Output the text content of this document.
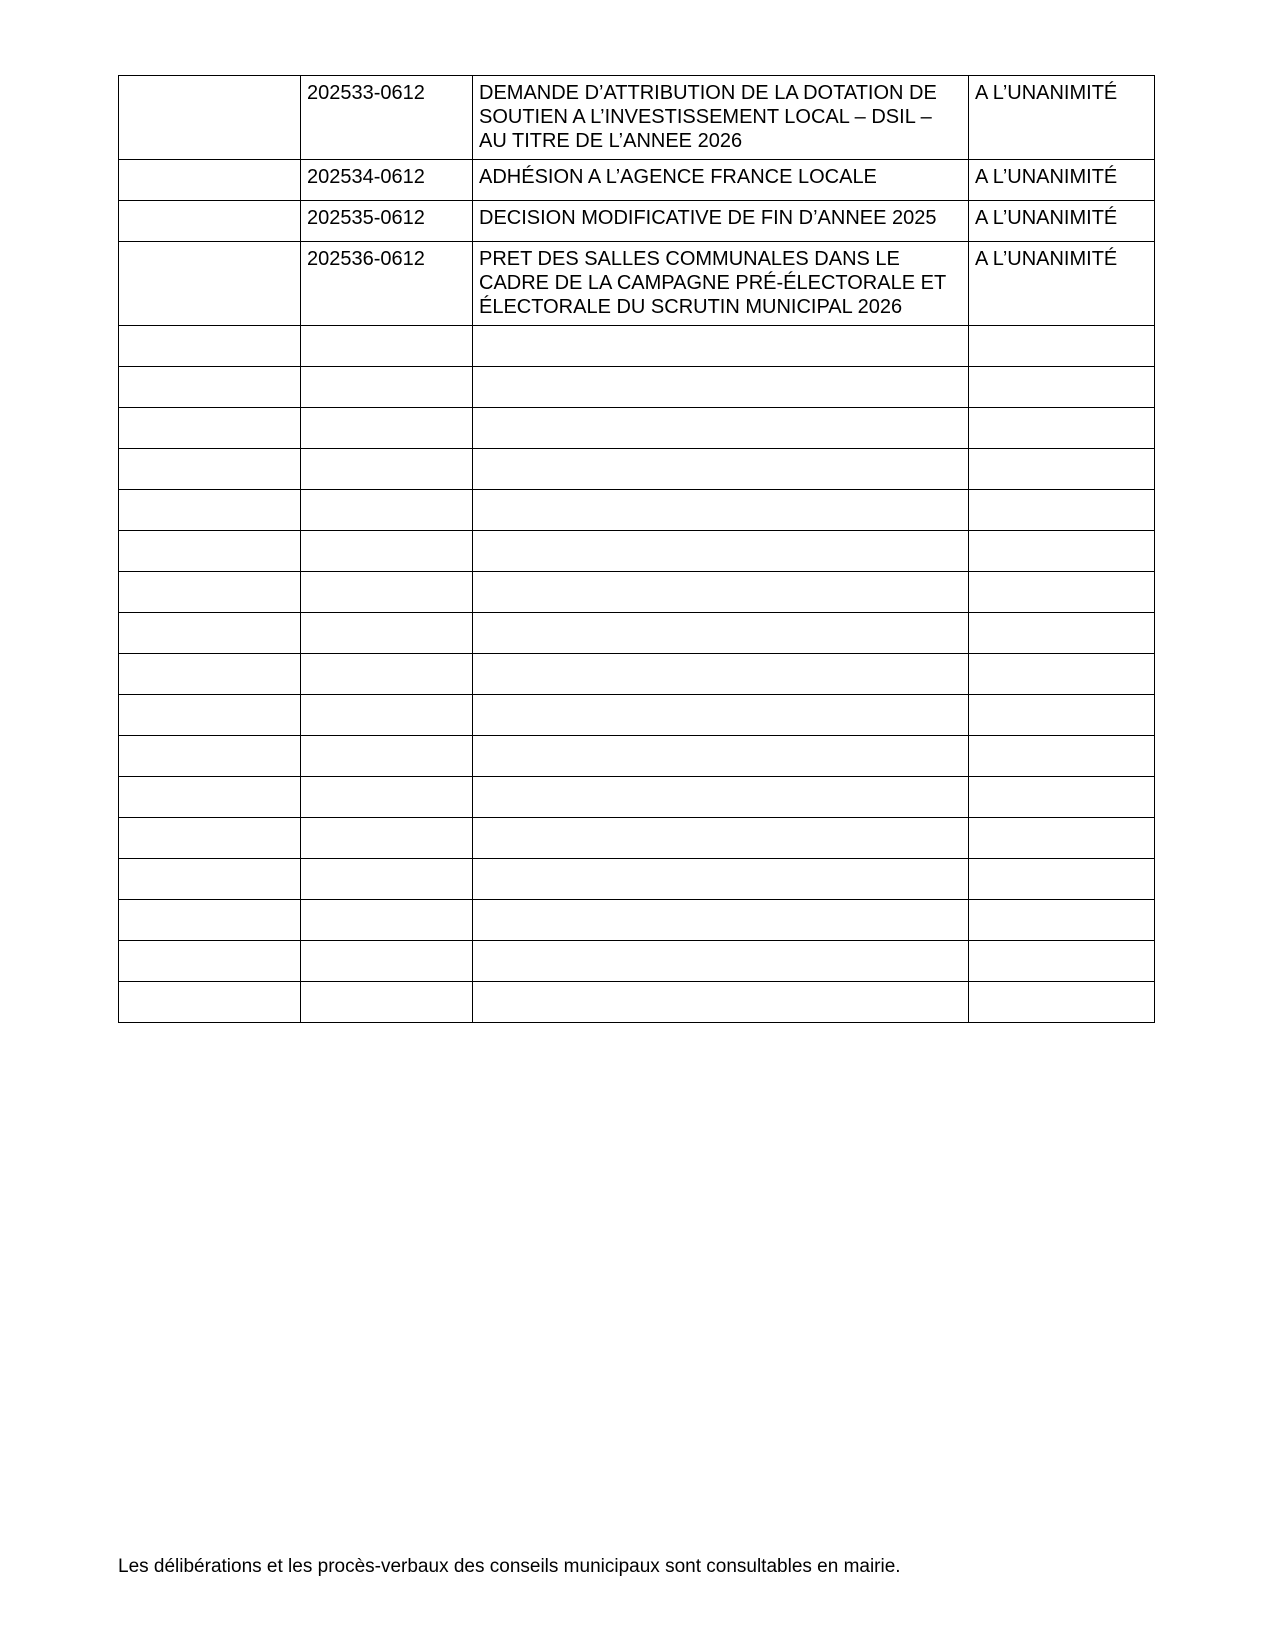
	202533-0612	DEMANDE D’ATTRIBUTION DE LA DOTATION DE SOUTIEN A L’INVESTISSEMENT LOCAL – DSIL – AU TITRE DE L’ANNEE 2026	A L’UNANIMITÉ
	202534-0612	ADHÉSION A L’AGENCE FRANCE LOCALE	A L’UNANIMITÉ
	202535-0612	DECISION MODIFICATIVE DE FIN D’ANNEE 2025	A L’UNANIMITÉ
	202536-0612	PRET DES SALLES COMMUNALES DANS LE CADRE DE LA CAMPAGNE PRÉ-ÉLECTORALE ET ÉLECTORALE DU SCRUTIN MUNICIPAL 2026	A L’UNANIMITÉ

Les délibérations et les procès-verbaux des conseils municipaux sont consultables en mairie.
